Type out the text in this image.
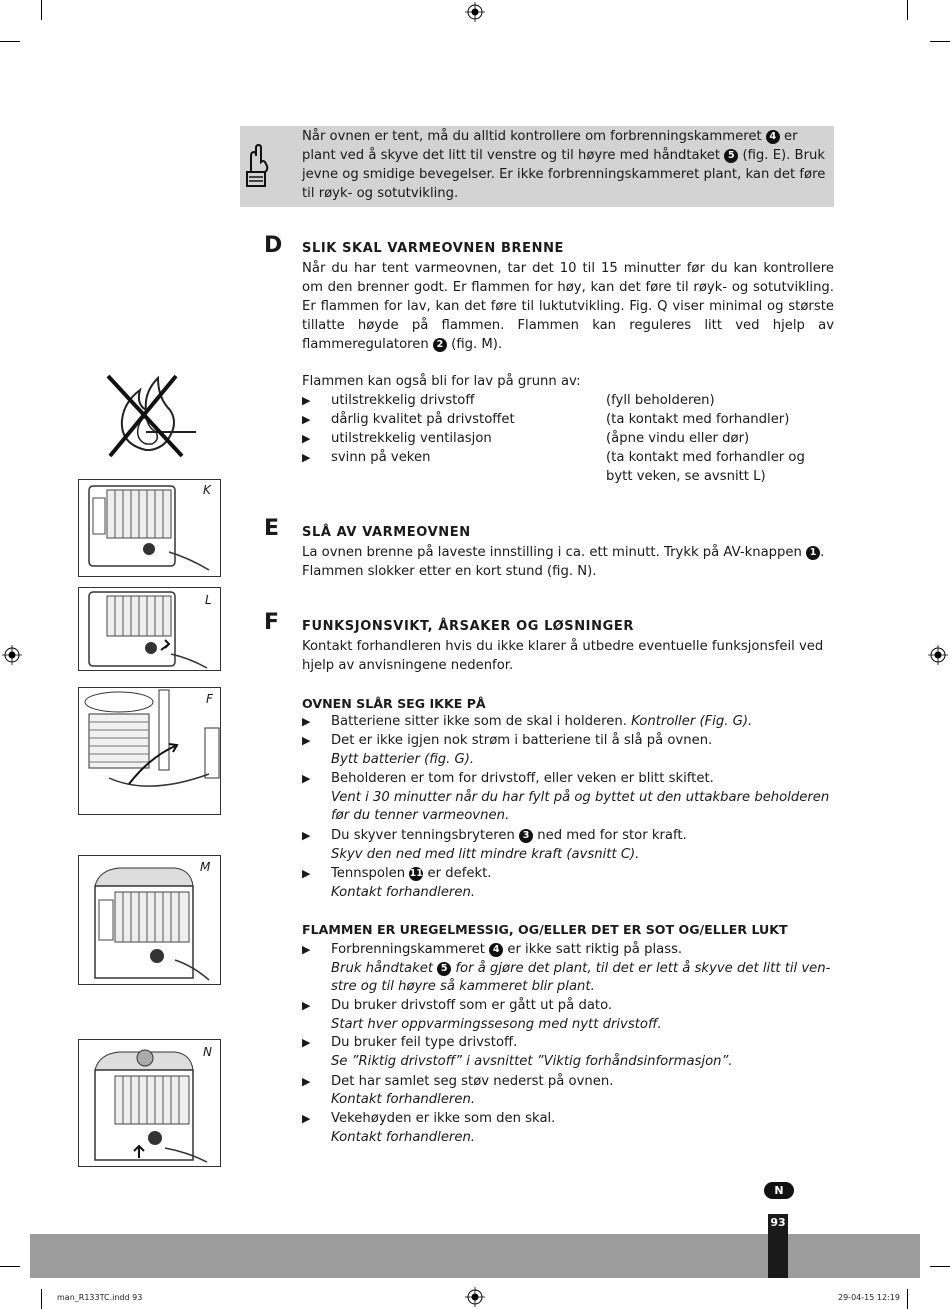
Når ovnen er tent, må du alltid kontrollere om forbrenningskammeret 4 er
plant ved å skyve det litt til venstre og til høyre med håndtaket 5 (fig. E). Bruk
jevne og smidige bevegelser. Er ikke forbrenningskammeret plant, kan det føre
til røyk- og sotutvikling.
D SLIK SKAL VARMEOVNEN BRENNE
Når du har tent varmeovnen, tar det 10 til 15 minutter før du kan kontrollere om den brenner godt. Er flammen for høy, kan det føre til røyk- og sotutvikling. Er flammen for lav, kan det føre til luktutvikling. Fig. Q viser minimal og største tillatte høyde på flammen. Flammen kan reguleres litt ved hjelp av flammeregulatoren 2 (fig. M).
Flammen kan også bli for lav på grunn av:
▶ utilstrekkelig drivstoff	(fyll beholderen)
▶ dårlig kvalitet på drivstoffet	(ta kontakt med forhandler)
▶ utilstrekkelig ventilasjon	(åpne vindu eller dør)
▶ svinn på veken	(ta kontakt med forhandler og
bytt veken, se avsnitt L)
E SLÅ AV VARMEOVNEN
La ovnen brenne på laveste innstilling i ca. ett minutt. Trykk på AV-knappen 1 .
Flammen slokker etter en kort stund (fig. N).
F FUNKSJONSVIKT, ÅRSAKER OG LØSNINGER
Kontakt forhandleren hvis du ikke klarer å utbedre eventuelle funksjonsfeil ved hjelp av anvisningene nedenfor.
OVNEN SLÅR SEG IKKE PÅ
▶ Batteriene sitter ikke som de skal i holderen. Kontroller (Fig. G).
▶ Det er ikke igjen nok strøm i batteriene til å slå på ovnen.
Bytt batterier (fig. G).
▶ Beholderen er tom for drivstoff, eller veken er blitt skiftet.
Vent i 30 minutter når du har fylt på og byttet ut den uttakbare beholderen
før du tenner varmeovnen.
▶ Du skyver tenningsbryteren 3 ned med for stor kraft.
Skyv den ned med litt mindre kraft (avsnitt C).
▶ Tennspolen 11 er defekt.
Kontakt forhandleren.
FLAMMEN ER UREGELMESSIG, OG/ELLER DET ER SOT OG/ELLER LUKT
▶ Forbrenningskammeret 4 er ikke satt riktig på plass.
Bruk håndtaket 5 for å gjøre det plant, til det er lett å skyve det litt til ven-
stre og til høyre så kammeret blir plant.
▶ Du bruker drivstoff som er gått ut på dato.
Start hver oppvarmingssesong med nytt drivstoff.
▶ Du bruker feil type drivstoff.
Se ”Riktig drivstoff” i avsnittet ”Viktig forhåndsinformasjon”.
▶ Det har samlet seg støv nederst på ovnen.
Kontakt forhandleren.
▶ Vekehøyden er ikke som den skal.
Kontakt forhandleren.
K
L
F
M
N
N
93
man_R133TC.indd 93	29-04-15 12:19
